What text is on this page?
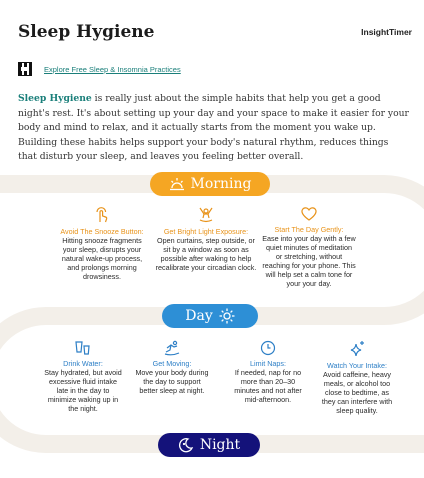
Sleep Hygiene	InsightTimer
Explore Free Sleep & Insomnia Practices

Sleep Hygiene is really just about the simple habits that help you get a good night's rest. It's about setting up your day and your space to make it easier for your body and mind to relax, and it actually starts from the moment you wake up. Building these habits helps support your body's natural rhythm, reduces things that disturb your sleep, and leaves you feeling better overall.

Morning
Avoid The Snooze Button:
Hitting snooze fragments your sleep, disrupts your natural wake-up process, and prolongs morning drowsiness.
Get Bright Light Exposure:
Open curtains, step outside, or sit by a window as soon as possible after waking to help recalibrate your circadian clock.
Start The Day Gently:
Ease into your day with a few quiet minutes of meditation or stretching, without reaching for your phone. This will help set a calm tone for your your day.
Day
Drink Water:
Stay hydrated, but avoid excessive fluid intake late in the day to minimize waking up in the night.
Get Moving:
Move your body during the day to support better sleep at night.
Limit Naps:
If needed, nap for no more than 20–30 minutes and not after mid-afternoon.
Watch Your Intake:
Avoid caffeine, heavy meals, or alcohol too close to bedtime, as they can interfere with sleep quality.
Night
